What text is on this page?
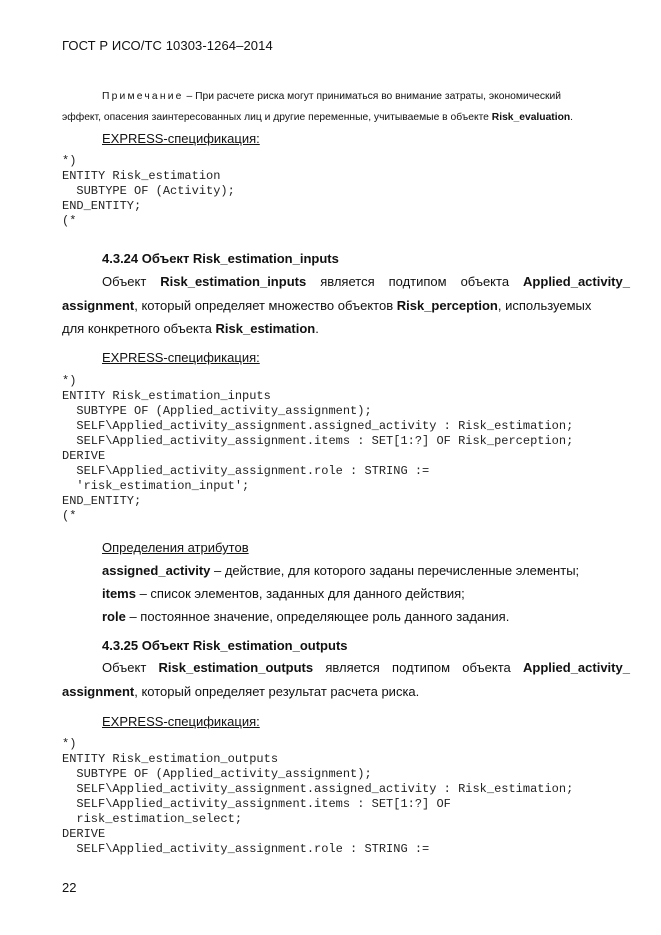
ГОСТ Р ИСО/ТС 10303-1264–2014
Примечание – При расчете риска могут приниматься во внимание затраты, экономический
эффект, опасения заинтересованных лиц и другие переменные, учитываемые в объекте Risk_evaluation.
EXPRESS-спецификация:
*)
ENTITY Risk_estimation
SUBTYPE OF (Activity);
END_ENTITY;
(*
4.3.24 Объект Risk_estimation_inputs
Объект Risk_estimation_inputs является подтипом объекта Applied_activity_
assignment, который определяет множество объектов Risk_perception, используемых
для конкретного объекта Risk_estimation.
EXPRESS-спецификация:
*)
ENTITY Risk_estimation_inputs
SUBTYPE OF (Applied_activity_assignment);
SELF\Applied_activity_assignment.assigned_activity : Risk_estimation;
SELF\Applied_activity_assignment.items : SET[1:?] OF Risk_perception;
DERIVE
SELF\Applied_activity_assignment.role : STRING :=
'risk_estimation_input';
END_ENTITY;
(*
Определения атрибутов
assigned_activity – действие, для которого заданы перечисленные элементы;
items – список элементов, заданных для данного действия;
role – постоянное значение, определяющее роль данного задания.
4.3.25 Объект Risk_estimation_outputs
Объект Risk_estimation_outputs является подтипом объекта Applied_activity_
assignment, который определяет результат расчета риска.
EXPRESS-спецификация:
*)
ENTITY Risk_estimation_outputs
SUBTYPE OF (Applied_activity_assignment);
SELF\Applied_activity_assignment.assigned_activity : Risk_estimation;
SELF\Applied_activity_assignment.items : SET[1:?] OF
risk_estimation_select;
DERIVE
SELF\Applied_activity_assignment.role : STRING :=
22
